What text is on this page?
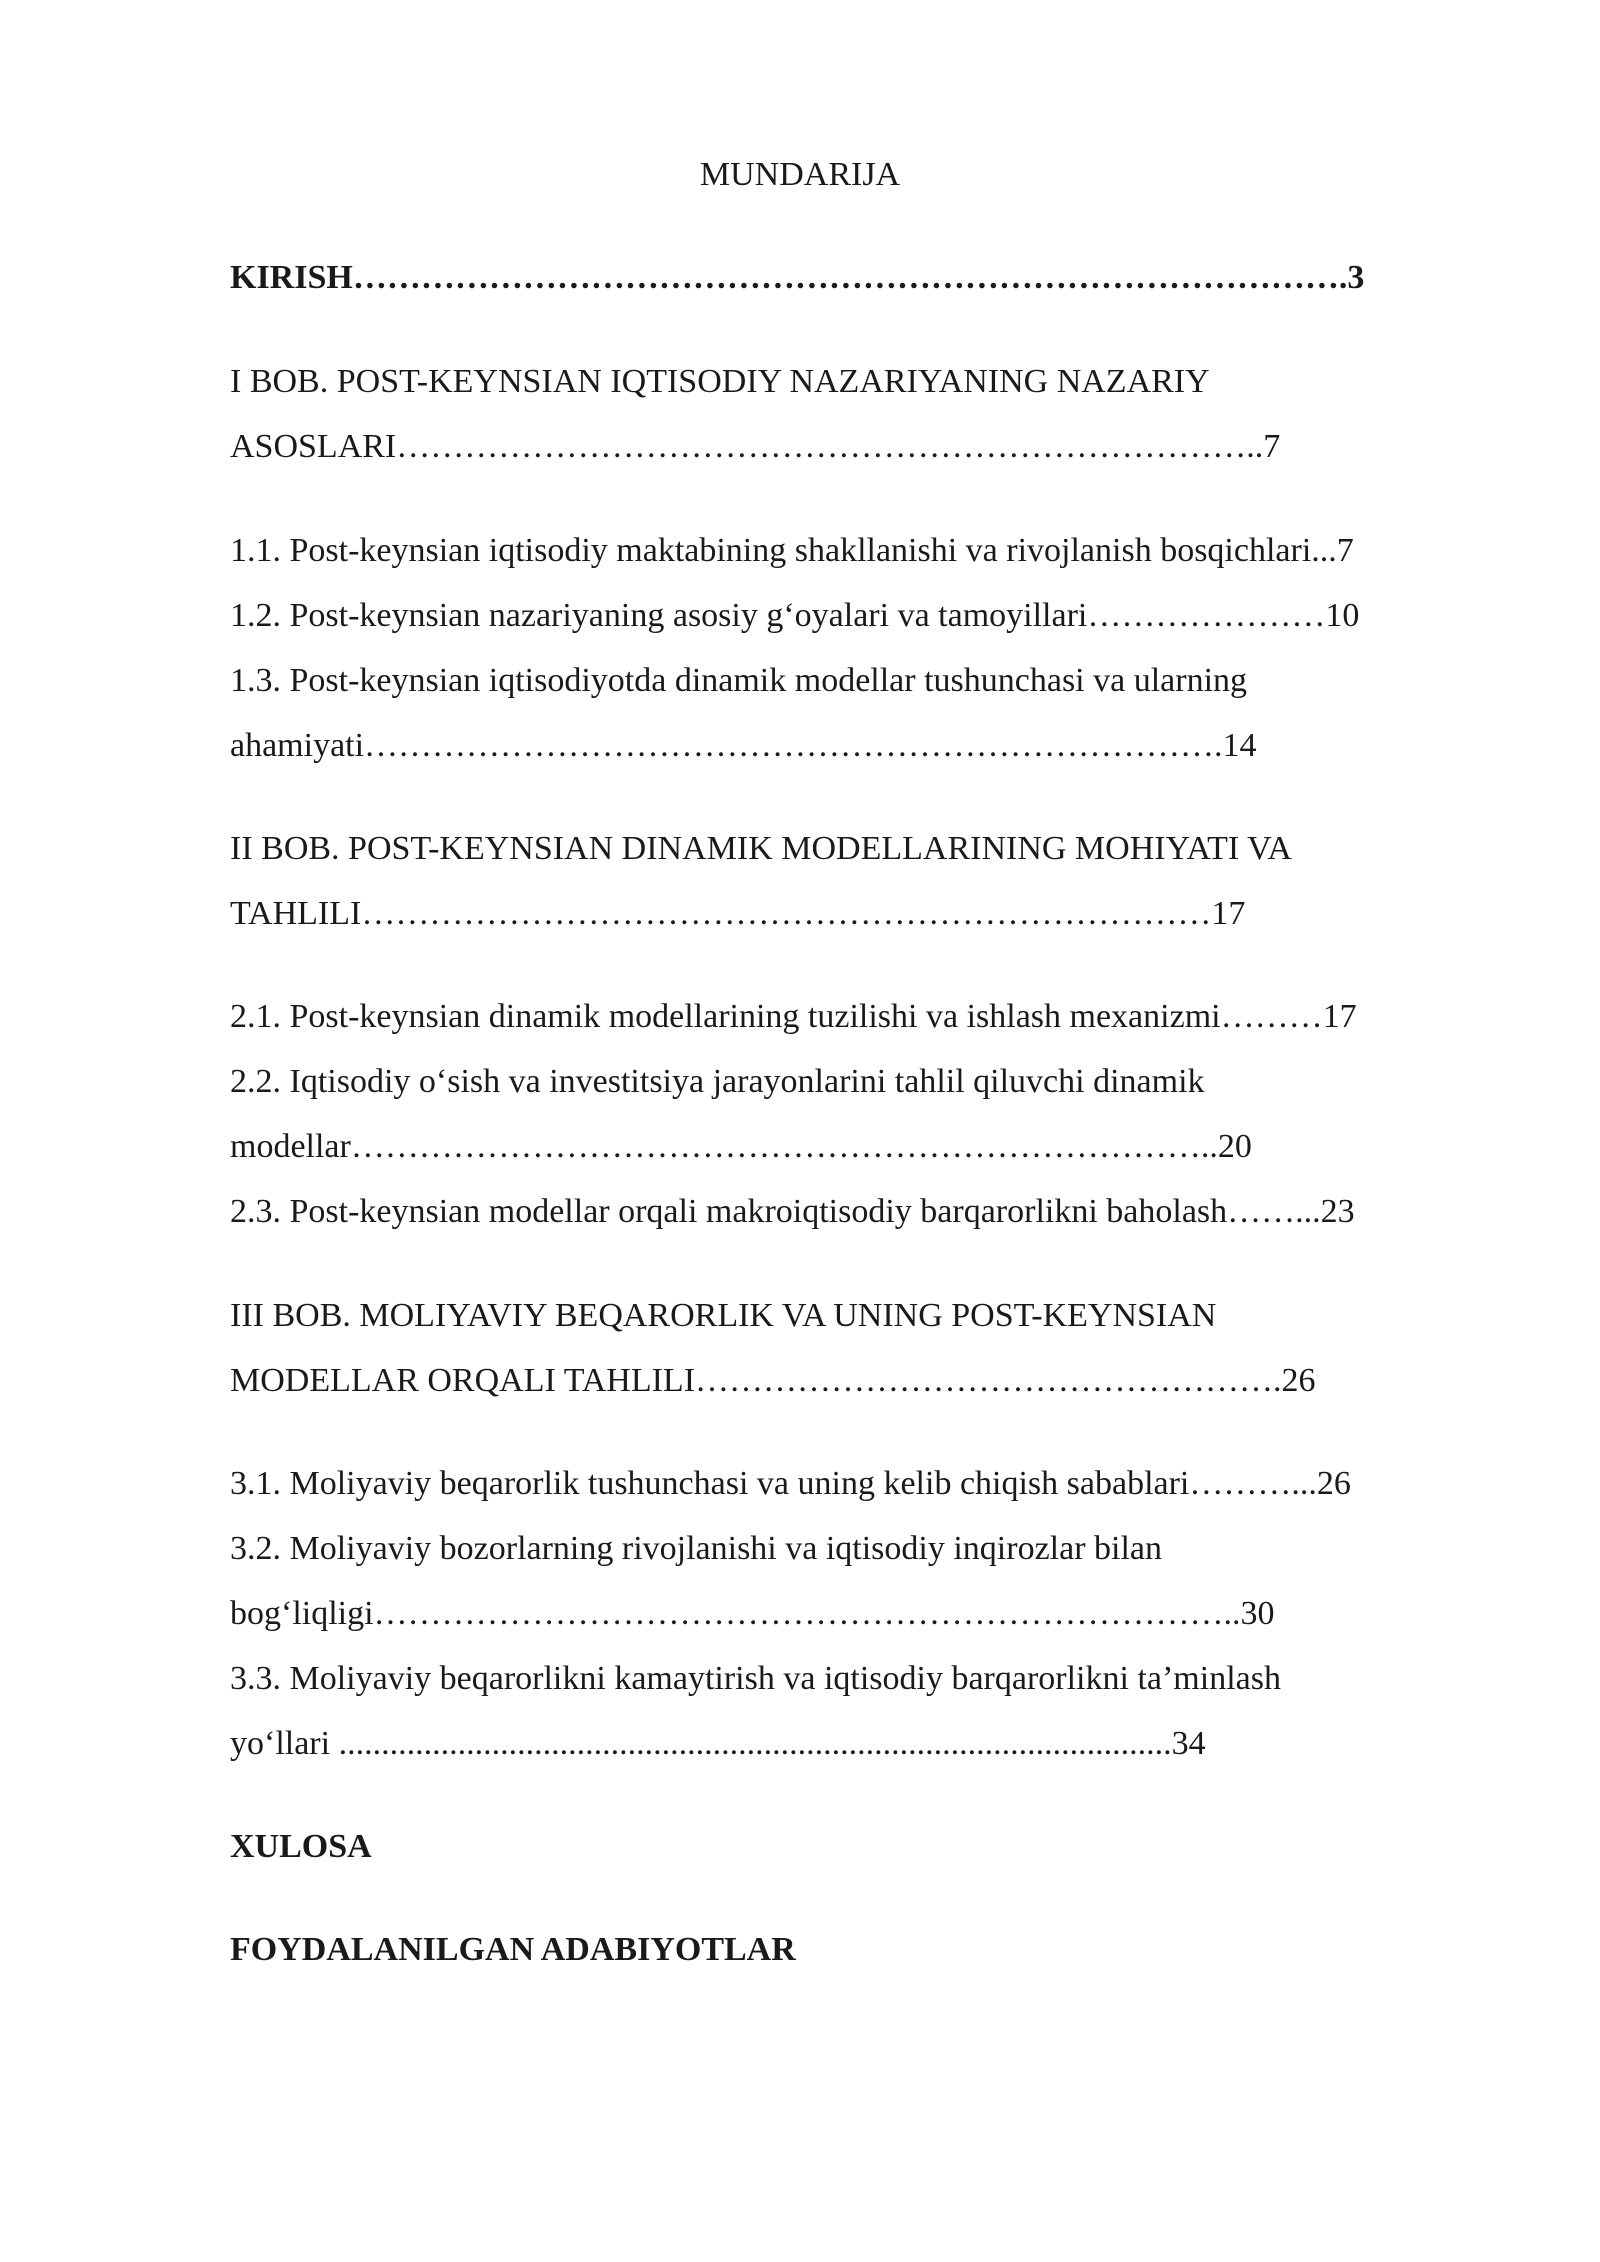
MUNDARIJA
KIRISH…………………………………………………………………………….3
I BOB. POST-KEYNSIAN IQTISODIY NAZARIYANING NAZARIY
ASOSLARI…………………………………………………………………..7
1.1. Post-keynsian iqtisodiy maktabining shakllanishi va rivojlanish bosqichlari...7
1.2. Post-keynsian nazariyaning asosiy g‘oyalari va tamoyillari…………………10
1.3. Post-keynsian iqtisodiyotda dinamik modellar tushunchasi va ularning
ahamiyati………………………………………………………………….14
II BOB. POST-KEYNSIAN DINAMIK MODELLARINING MOHIYATI VA
TAHLILI…………………………………………………………………17
2.1. Post-keynsian dinamik modellarining tuzilishi va ishlash mexanizmi………17
2.2. Iqtisodiy o‘sish va investitsiya jarayonlarini tahlil qiluvchi dinamik
modellar…………………………………………………………………..20
2.3. Post-keynsian modellar orqali makroiqtisodiy barqarorlikni baholash……...23
III BOB. MOLIYAVIY BEQARORLIK VA UNING POST-KEYNSIAN
MODELLAR ORQALI TAHLILI…………………………………………….26
3.1. Moliyaviy beqarorlik tushunchasi va uning kelib chiqish sabablari………...26
3.2. Moliyaviy bozorlarning rivojlanishi va iqtisodiy inqirozlar bilan
bog‘liqligi…………………………………………………………………..30
3.3. Moliyaviy beqarorlikni kamaytirish va iqtisodiy barqarorlikni ta’minlash
yo‘llari ..................................................................................................34
XULOSA
FOYDALANILGAN ADABIYOTLAR
